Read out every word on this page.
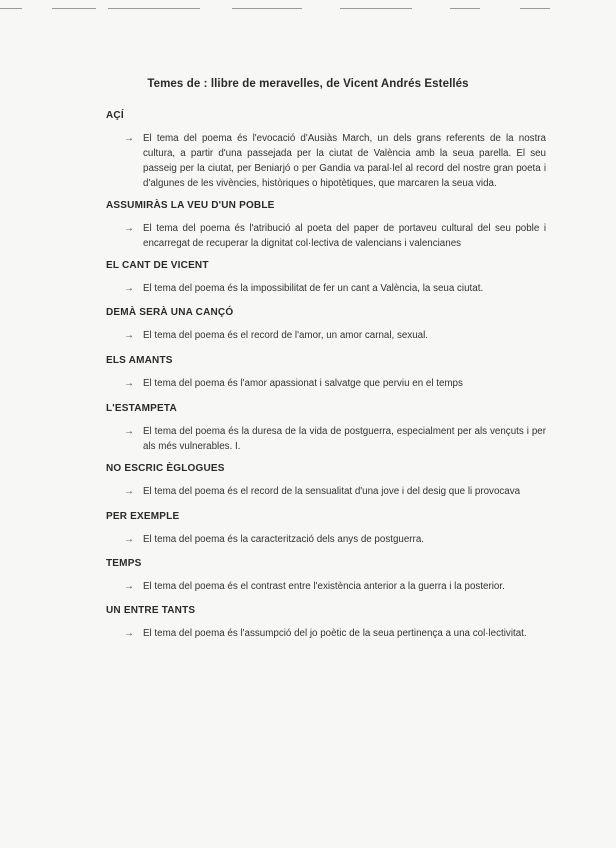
Temes de : llibre de meravelles, de Vicent Andrés Estellés

AÇÍ

→ El tema del poema és l'evocació d'Ausiàs March, un dels grans referents de la nostra cultura, a partir d'una passejada per la ciutat de València amb la seua parella. El seu passeig per la ciutat, per Beniarjó o per Gandia va paral·lel al record del nostre gran poeta i d'algunes de les vivències, històriques o hipotètiques, que marcaren la seua vida.

ASSUMIRÀS LA VEU D'UN POBLE

→ El tema del poema és l'atribució al poeta del paper de portaveu cultural del seu poble i encarregat de recuperar la dignitat col·lectiva de valencians i valencianes

EL CANT DE VICENT

→ El tema del poema és la impossibilitat de fer un cant a València, la seua ciutat.

DEMÀ SERÀ UNA CANÇÓ

→ El tema del poema és el record de l'amor, un amor carnal, sexual.

ELS AMANTS

→ El tema del poema és l'amor apassionat i salvatge que perviu en el temps

L'ESTAMPETA

→ El tema del poema és la duresa de la vida de postguerra, especialment per als vençuts i per als més vulnerables. I.

NO ESCRIC ÈGLOGUES

→ El tema del poema és el record de la sensualitat d'una jove i del desig que li provocava

PER EXEMPLE

→ El tema del poema és la caracterització dels anys de postguerra.

TEMPS

→ El tema del poema és el contrast entre l'existència anterior a la guerra i la posterior.

UN ENTRE TANTS

→ El tema del poema és l'assumpció del jo poètic de la seua pertinença a una col·lectivitat.
